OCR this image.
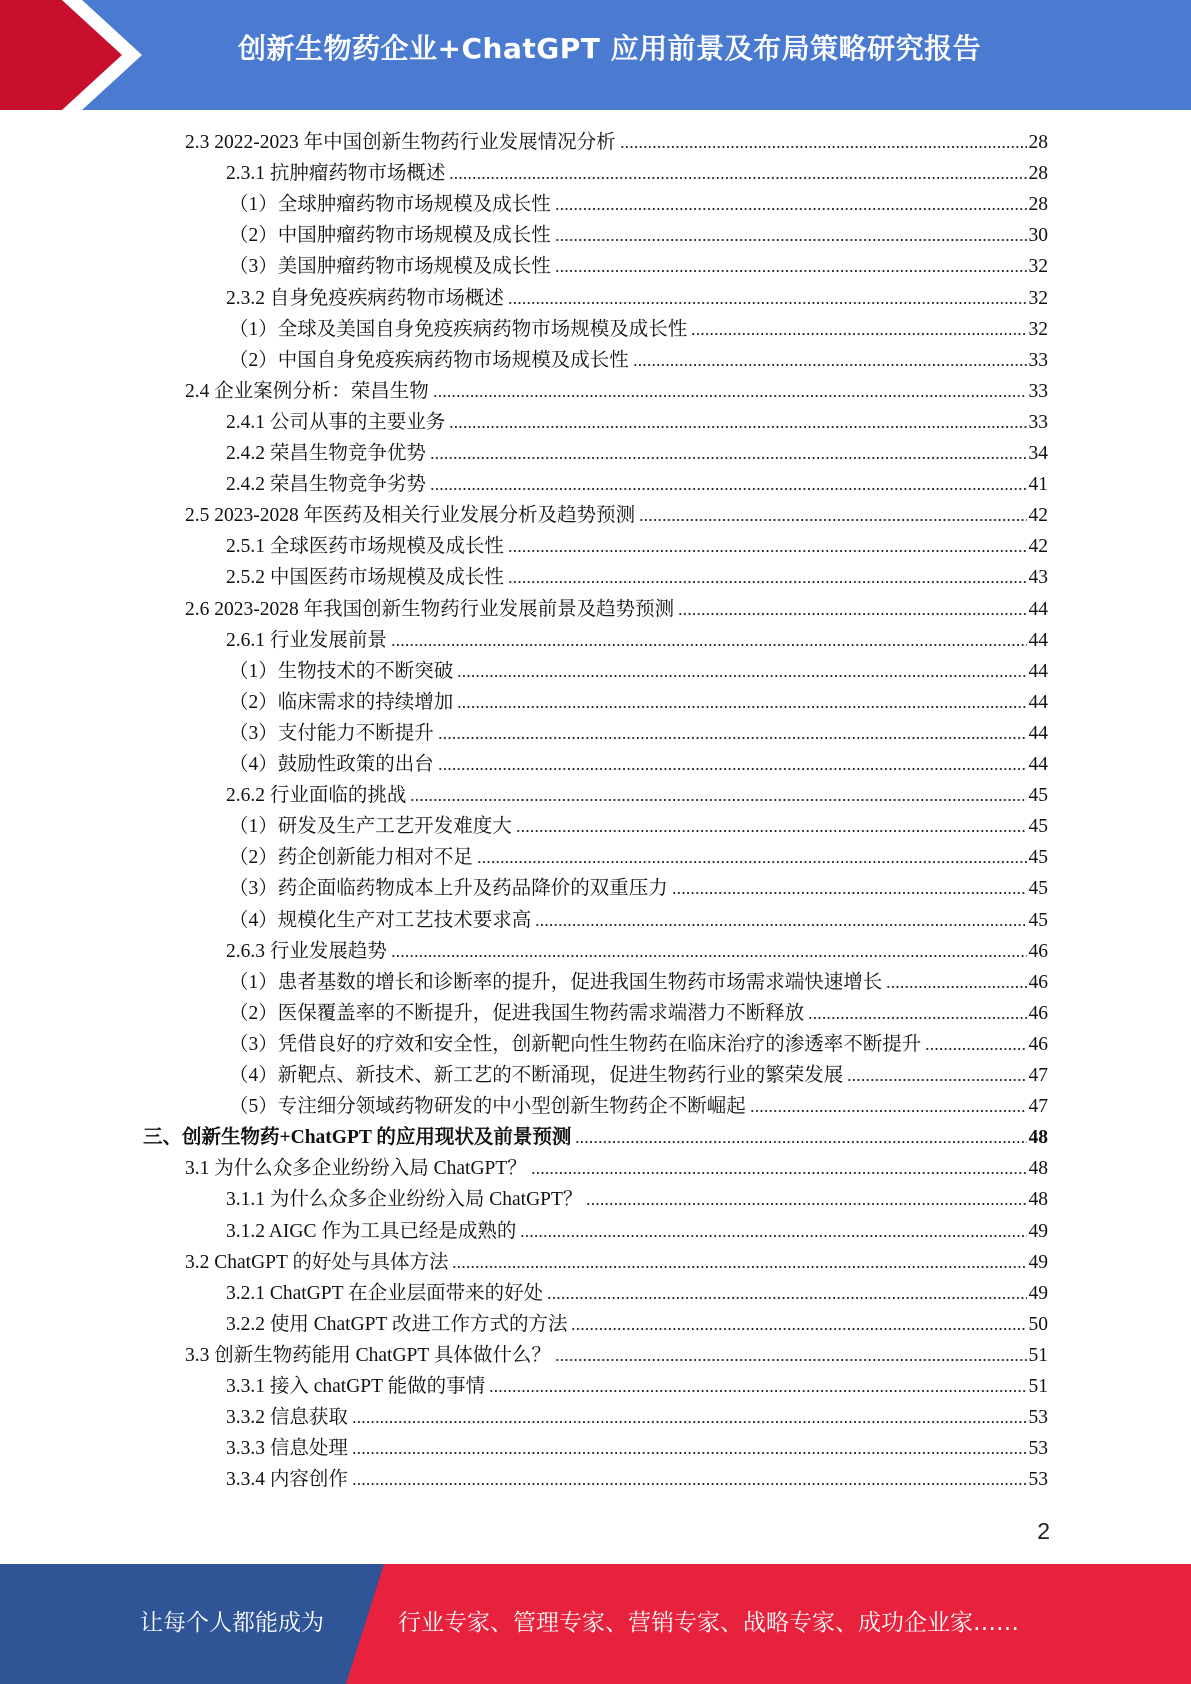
创新生物药企业+ChatGPT 应用前景及布局策略研究报告
2.3 2022-2023 年中国创新生物药行业发展情况分析	28
2.3.1 抗肿瘤药物市场概述	28
（1）全球肿瘤药物市场规模及成长性	28
（2）中国肿瘤药物市场规模及成长性	30
（3）美国肿瘤药物市场规模及成长性	32
2.3.2 自身免疫疾病药物市场概述	32
（1）全球及美国自身免疫疾病药物市场规模及成长性	32
（2）中国自身免疫疾病药物市场规模及成长性	33
2.4 企业案例分析：荣昌生物	33
2.4.1 公司从事的主要业务	33
2.4.2 荣昌生物竞争优势	34
2.4.2 荣昌生物竞争劣势	41
2.5 2023-2028 年医药及相关行业发展分析及趋势预测	42
2.5.1 全球医药市场规模及成长性	42
2.5.2 中国医药市场规模及成长性	43
2.6 2023-2028 年我国创新生物药行业发展前景及趋势预测	44
2.6.1 行业发展前景	44
（1）生物技术的不断突破	44
（2）临床需求的持续增加	44
（3）支付能力不断提升	44
（4）鼓励性政策的出台	44
2.6.2 行业面临的挑战	45
（1）研发及生产工艺开发难度大	45
（2）药企创新能力相对不足	45
（3）药企面临药物成本上升及药品降价的双重压力	45
（4）规模化生产对工艺技术要求高	45
2.6.3 行业发展趋势	46
（1）患者基数的增长和诊断率的提升，促进我国生物药市场需求端快速增长	46
（2）医保覆盖率的不断提升，促进我国生物药需求端潜力不断释放	46
（3）凭借良好的疗效和安全性，创新靶向性生物药在临床治疗的渗透率不断提升	46
（4）新靶点、新技术、新工艺的不断涌现，促进生物药行业的繁荣发展	47
（5）专注细分领域药物研发的中小型创新生物药企不断崛起	47
三、创新生物药+ChatGPT 的应用现状及前景预测	48
3.1 为什么众多企业纷纷入局 ChatGPT？	48
3.1.1 为什么众多企业纷纷入局 ChatGPT？	48
3.1.2 AIGC 作为工具已经是成熟的	49
3.2 ChatGPT 的好处与具体方法	49
3.2.1 ChatGPT 在企业层面带来的好处	49
3.2.2 使用 ChatGPT 改进工作方式的方法	50
3.3 创新生物药能用 ChatGPT 具体做什么？	51
3.3.1 接入 chatGPT 能做的事情	51
3.3.2 信息获取	53
3.3.3 信息处理	53
3.3.4 内容创作	53
2
让每个人都能成为	行业专家、管理专家、营销专家、战略专家、成功企业家……
